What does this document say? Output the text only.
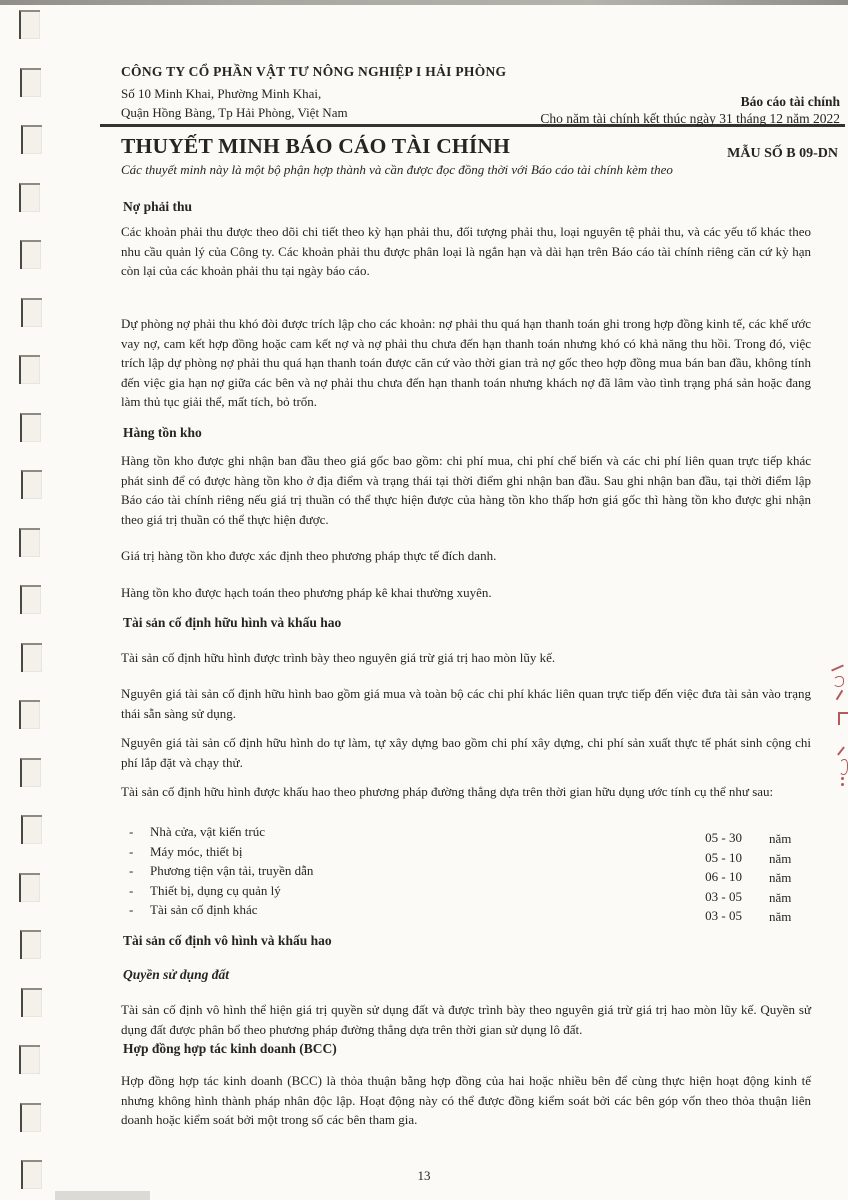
CÔNG TY CỔ PHẦN VẬT TƯ NÔNG NGHIỆP I HẢI PHÒNG
Số 10 Minh Khai, Phường Minh Khai,
Quận Hồng Bàng, Tp Hải Phòng, Việt Nam
Báo cáo tài chính
Cho năm tài chính kết thúc ngày 31 tháng 12 năm 2022
THUYẾT MINH BÁO CÁO TÀI CHÍNH	MẪU SỐ B 09-DN
Các thuyết minh này là một bộ phận hợp thành và cần được đọc đồng thời với Báo cáo tài chính kèm theo
Nợ phải thu
Các khoản phải thu được theo dõi chi tiết theo kỳ hạn phải thu, đối tượng phải thu, loại nguyên tệ phải thu, và các yếu tố khác theo nhu cầu quản lý của Công ty. Các khoản phải thu được phân loại là ngắn hạn và dài hạn trên Báo cáo tài chính riêng căn cứ kỳ hạn còn lại của các khoản phải thu tại ngày báo cáo.
Dự phòng nợ phải thu khó đòi được trích lập cho các khoản: nợ phải thu quá hạn thanh toán ghi trong hợp đồng kinh tế, các khế ước vay nợ, cam kết hợp đồng hoặc cam kết nợ và nợ phải thu chưa đến hạn thanh toán nhưng khó có khả năng thu hồi. Trong đó, việc trích lập dự phòng nợ phải thu quá hạn thanh toán được căn cứ vào thời gian trả nợ gốc theo hợp đồng mua bán ban đầu, không tính đến việc gia hạn nợ giữa các bên và nợ phải thu chưa đến hạn thanh toán nhưng khách nợ đã lâm vào tình trạng phá sản hoặc đang làm thủ tục giải thể, mất tích, bỏ trốn.
Hàng tồn kho
Hàng tồn kho được ghi nhận ban đầu theo giá gốc bao gồm: chi phí mua, chi phí chế biến và các chi phí liên quan trực tiếp khác phát sinh để có được hàng tồn kho ở địa điểm và trạng thái tại thời điểm ghi nhận ban đầu. Sau ghi nhận ban đầu, tại thời điểm lập Báo cáo tài chính riêng nếu giá trị thuần có thể thực hiện được của hàng tồn kho thấp hơn giá gốc thì hàng tồn kho được ghi nhận theo giá trị thuần có thể thực hiện được.
Giá trị hàng tồn kho được xác định theo phương pháp thực tế đích danh.
Hàng tồn kho được hạch toán theo phương pháp kê khai thường xuyên.
Tài sản cố định hữu hình và khấu hao
Tài sản cố định hữu hình được trình bày theo nguyên giá trừ giá trị hao mòn lũy kế.
Nguyên giá tài sản cố định hữu hình bao gồm giá mua và toàn bộ các chi phí khác liên quan trực tiếp đến việc đưa tài sản vào trạng thái sẵn sàng sử dụng.
Nguyên giá tài sản cố định hữu hình do tự làm, tự xây dựng bao gồm chi phí xây dựng, chi phí sản xuất thực tế phát sinh cộng chi phí lắp đặt và chạy thử.
Tài sản cố định hữu hình được khấu hao theo phương pháp đường thẳng dựa trên thời gian hữu dụng ước tính cụ thể như sau:
- Nhà cửa, vật kiến trúc	05 - 30 năm
- Máy móc, thiết bị	05 - 10 năm
- Phương tiện vận tải, truyền dẫn	06 - 10 năm
- Thiết bị, dụng cụ quản lý	03 - 05 năm
- Tài sản cố định khác	03 - 05 năm
Tài sản cố định vô hình và khấu hao
Quyền sử dụng đất
Tài sản cố định vô hình thể hiện giá trị quyền sử dụng đất và được trình bày theo nguyên giá trừ giá trị hao mòn lũy kế. Quyền sử dụng đất được phân bổ theo phương pháp đường thẳng dựa trên thời gian sử dụng lô đất.
Hợp đồng hợp tác kinh doanh (BCC)
Hợp đồng hợp tác kinh doanh (BCC) là thỏa thuận bằng hợp đồng của hai hoặc nhiều bên để cùng thực hiện hoạt động kinh tế nhưng không hình thành pháp nhân độc lập. Hoạt động này có thể được đồng kiểm soát bởi các bên góp vốn theo thỏa thuận liên doanh hoặc kiểm soát bởi một trong số các bên tham gia.
13
